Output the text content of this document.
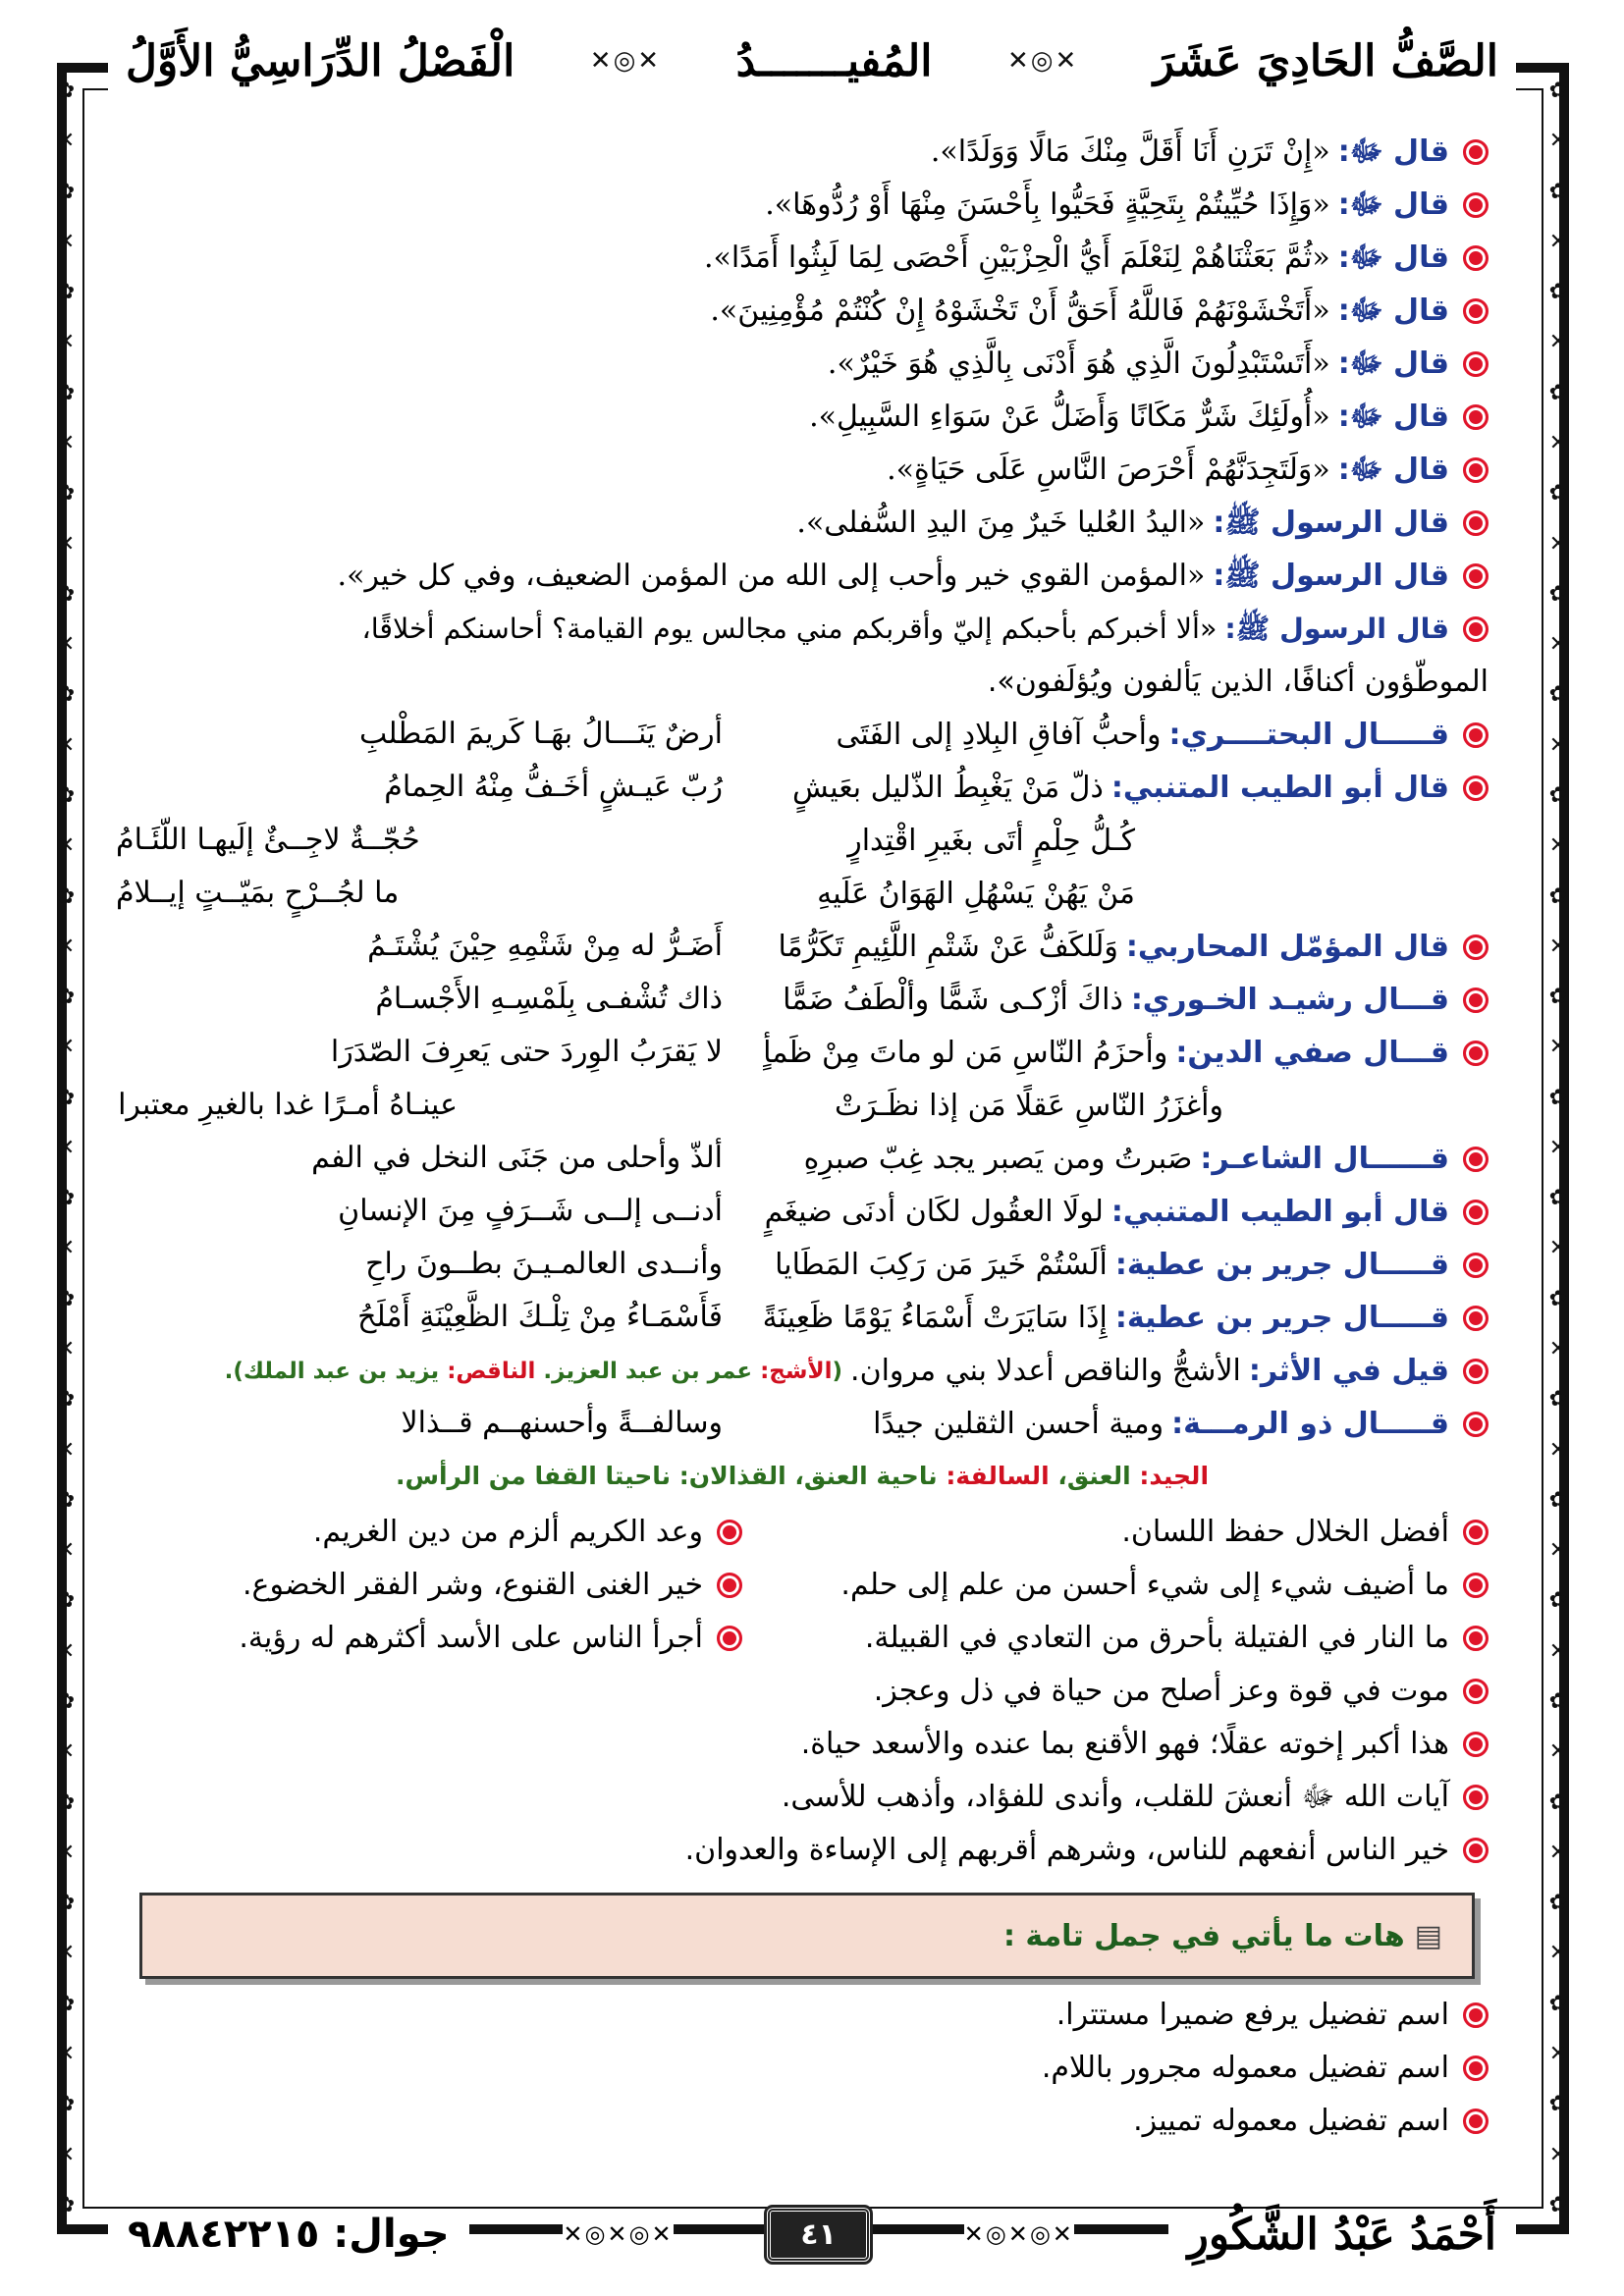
✿
✕
✿
✕
✿
✕
✿
✕
✿
✕
✿
✕
✿
✕
✿
✕
✿
✕
✿
✕
✿
✕
✿
✕
✿
✕
✿
✕
✿
✕
✿
✕
✿
✕
✿
✕
✿
✕
✿
✕
✿
✕
✿
✿
✕
✿
✕
✿
✕
✿
✕
✿
✕
✿
✕
✿
✕
✿
✕
✿
✕
✿
✕
✿
✕
✿
✕
✿
✕
✿
✕
✿
✕
✿
✕
✿
✕
✿
✕
✿
✕
✿
✕
✿
✕
✿
الصَّفُّ الحَادِيَ عَشَرَ
✕◎✕
المُفيـــــــدُ
✕◎✕
الْفَصْلُ الدِّرَاسِيُّ الأَوَّلُ
قال ﷻ:
«إِنْ تَرَنِ أَنَا أَقَلَّ مِنْكَ مَالًا وَوَلَدًا».
قال ﷻ:
«وَإِذَا حُيِّيتُمْ بِتَحِيَّةٍ فَحَيُّوا بِأَحْسَنَ مِنْهَا أَوْ رُدُّوهَا».
قال ﷻ:
«ثُمَّ بَعَثْنَاهُمْ لِنَعْلَمَ أَيُّ الْحِزْبَيْنِ أَحْصَى لِمَا لَبِثُوا أَمَدًا».
قال ﷻ:
«أَتَخْشَوْنَهُمْ فَاللَّهُ أَحَقُّ أَنْ تَخْشَوْهُ إِنْ كُنْتُمْ مُؤْمِنِينَ».
قال ﷻ:
«أَتَسْتَبْدِلُونَ الَّذِي هُوَ أَدْنَى بِالَّذِي هُوَ خَيْرٌ».
قال ﷻ:
«أُولَئِكَ شَرٌّ مَكَانًا وَأَضَلُّ عَنْ سَوَاءِ السَّبِيلِ».
قال ﷻ:
«وَلَتَجِدَنَّهُمْ أَحْرَصَ النَّاسِ عَلَى حَيَاةٍ».
قال الرسول ﷺ:
«اليدُ العُليا خَيرٌ مِنَ اليدِ السُّفلى».
قال الرسول ﷺ:
«المؤمن القوي خير وأحب إلى الله من المؤمن الضعيف، وفي كل خير».
قال الرسول ﷺ:
«ألا أخبركم بأحبكم إليّ وأقربكم مني مجالس يوم القيامة؟ أحاسنكم أخلاقًا،
الموطّؤون أكنافًا، الذين يَألفون ويُؤلَفون».
قـــــال البحتــــري:
وأحبُّ آفاقِ البِلادِ إلى الفَتَى
أرضٌ يَنَـــالُ بهَـا كَريمَ المَطْلبِ
قال أبو الطيب المتنبي:
ذلّ مَنْ يَغْبِطُ الذّليل بعَيشٍ
رُبّ عَيـشٍ أخَـفُّ مِنْهُ الحِمامُ
كُـلُّ حِلْمٍ أتَى بغَيرِ اقْتِدارٍ
حُجّــةٌ لاجِــئٌ إلَيهـا اللّئَـامُ
مَنْ يَهُنْ يَسْهُلِ الهَوَانُ عَلَيهِ
ما لجُــرْحٍ بمَيّــتٍ إيــلامُ
قال المؤمّل المحاربي:
وَلَلكَفُّ عَنْ شَتْمِ اللَّئِيمِ تَكَرُّمًا
أَضَـرُّ له مِنْ شَتْمِهِ حِيْنَ يُشْتَـمُ
قـــال رشيـد الخـوري:
ذاكَ أزْكـى شَمًّا وألْطَفُ ضَمًّا
ذاك تُشْفـى بِلَمْسِـهِ الأَجْسـامُ
قـــال صفي الدين:
وأحزَمُ النّاسِ مَن لو ماتَ مِنْ ظَمأٍ
لا يَقرَبُ الوِردَ حتى يَعرِفَ الصّدَرَا
وأغزَرُ النّاسِ عَقلًا مَن إذا نظَـرَتْ
عينـاهُ أمـرًا غدا بالغيرِ معتبرا
قــــــال الشاعـر:
صَبرتُ ومن يَصبر يجد غِبّ صبرِهِ
ألذّ وأحلى من جَنَى النخل في الفم
قال أبو الطيب المتنبي:
لولَا العقُول لكَان أدنَى ضيغَمٍ
أدنــى إلــى شَــرَفٍ مِنَ الإنسانِ
قـــــال جرير بن عطية:
ألَسْتُمْ خَيرَ مَن رَكِبَ المَطَايا
وأنــدى العالمـيـنَ بطــونَ راحِ
قـــــال جرير بن عطية:
إِذَا سَايَرَتْ أَسْمَاءُ يَوْمًا ظَعِينَةً
فَأَسْمَـاءُ مِنْ تِلْـكَ الظَّعِيْنَةِ أَمْلَحُ
قيل في الأثر:
الأشجُّ والناقص أعدلا بني مروان.
(الأشج: عمر بن عبد العزيز. الناقص: يزيد بن عبد الملك).
قـــــال ذو الرمـــة:
ومية أحسن الثقلين جيدًا
وسالفــةً وأحسنهــم قــذالا
الجيد: العنق، السالفة: ناحية العنق، القذالان: ناحيتا القفا من الرأس.
أفضل الخلال حفظ اللسان.
ما أضيف شيء إلى شيء أحسن من علم إلى حلم.
ما النار في الفتيلة بأحرق من التعادي في القبيلة.
وعد الكريم ألزم من دين الغريم.
خير الغنى القنوع، وشر الفقر الخضوع.
أجرأ الناس على الأسد أكثرهم له رؤية.
موت في قوة وعز أصلح من حياة في ذل وعجز.
هذا أكبر إخوته عقلًا؛ فهو الأقنع بما عنده والأسعد حياة.
آيات الله ﷻ أنعشَ للقلب، وأندى للفؤاد، وأذهب للأسى.
خير الناس أنفعهم للناس، وشرهم أقربهم إلى الإساءة والعدوان.
▤
هات ما يأتي في جمل تامة :
اسم تفضيل يرفع ضميرا مستترا.
اسم تفضيل معموله مجرور باللام.
اسم تفضيل معموله تمييز.
أَحْمَدُ عَبْدُ الشَّكُورِ
✕◎✕◎✕
٤١
✕◎✕◎✕
جوال: ٩٨٨٤٢٢١٥
